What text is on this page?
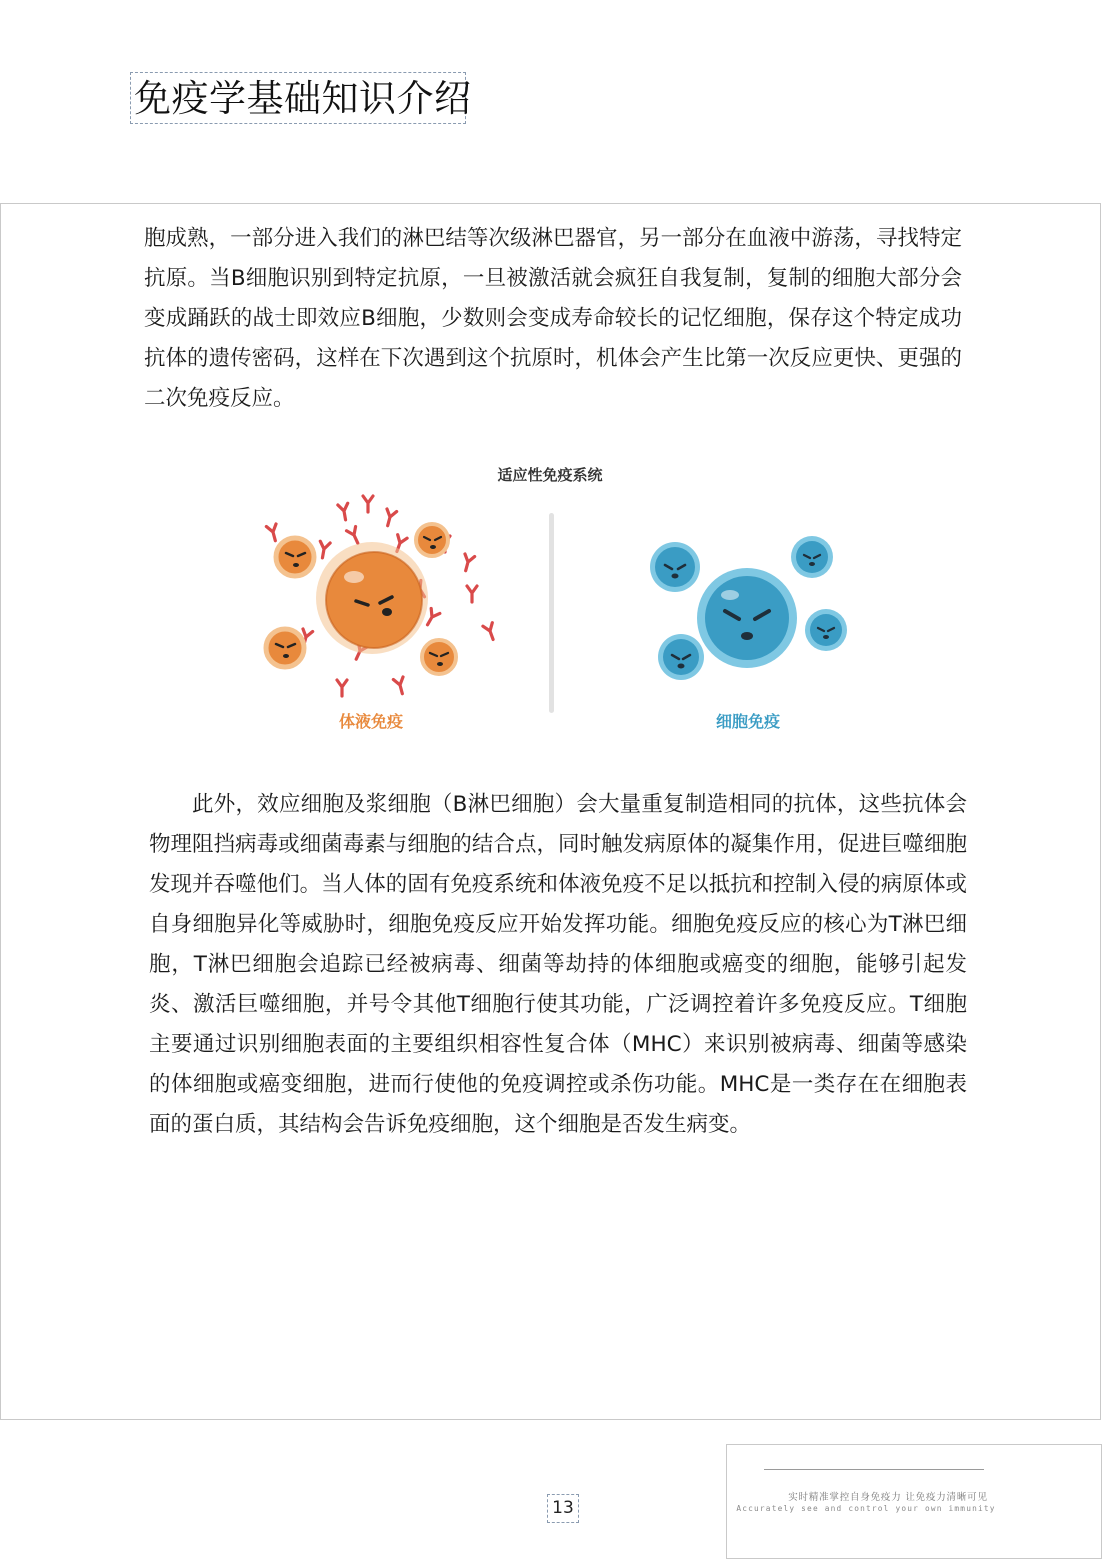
免疫学基础知识介绍

胞成熟，一部分进入我们的淋巴结等次级淋巴器官，另一部分在血液中游荡，寻找特定抗原。当B细胞识别到特定抗原，一旦被激活就会疯狂自我复制，复制的细胞大部分会变成踊跃的战士即效应B细胞，少数则会变成寿命较长的记忆细胞，保存这个特定成功抗体的遗传密码，这样在下次遇到这个抗原时，机体会产生比第一次反应更快、更强的二次免疫反应。

适应性免疫系统
体液免疫	细胞免疫

此外，效应细胞及浆细胞（B淋巴细胞）会大量重复制造相同的抗体，这些抗体会物理阻挡病毒或细菌毒素与细胞的结合点，同时触发病原体的凝集作用，促进巨噬细胞发现并吞噬他们。当人体的固有免疫系统和体液免疫不足以抵抗和控制入侵的病原体或自身细胞异化等威胁时，细胞免疫反应开始发挥功能。细胞免疫反应的核心为T淋巴细胞，T淋巴细胞会追踪已经被病毒、细菌等劫持的体细胞或癌变的细胞，能够引起发炎、激活巨噬细胞，并号令其他T细胞行使其功能，广泛调控着许多免疫反应。T细胞主要通过识别细胞表面的主要组织相容性复合体（MHC）来识别被病毒、细菌等感染的体细胞或癌变细胞，进而行使他的免疫调控或杀伤功能。MHC是一类存在在细胞表面的蛋白质，其结构会告诉免疫细胞，这个细胞是否发生病变。

13
实时精准掌控自身免疫力 让免疫力清晰可见
Accurately see and control your own immunity
